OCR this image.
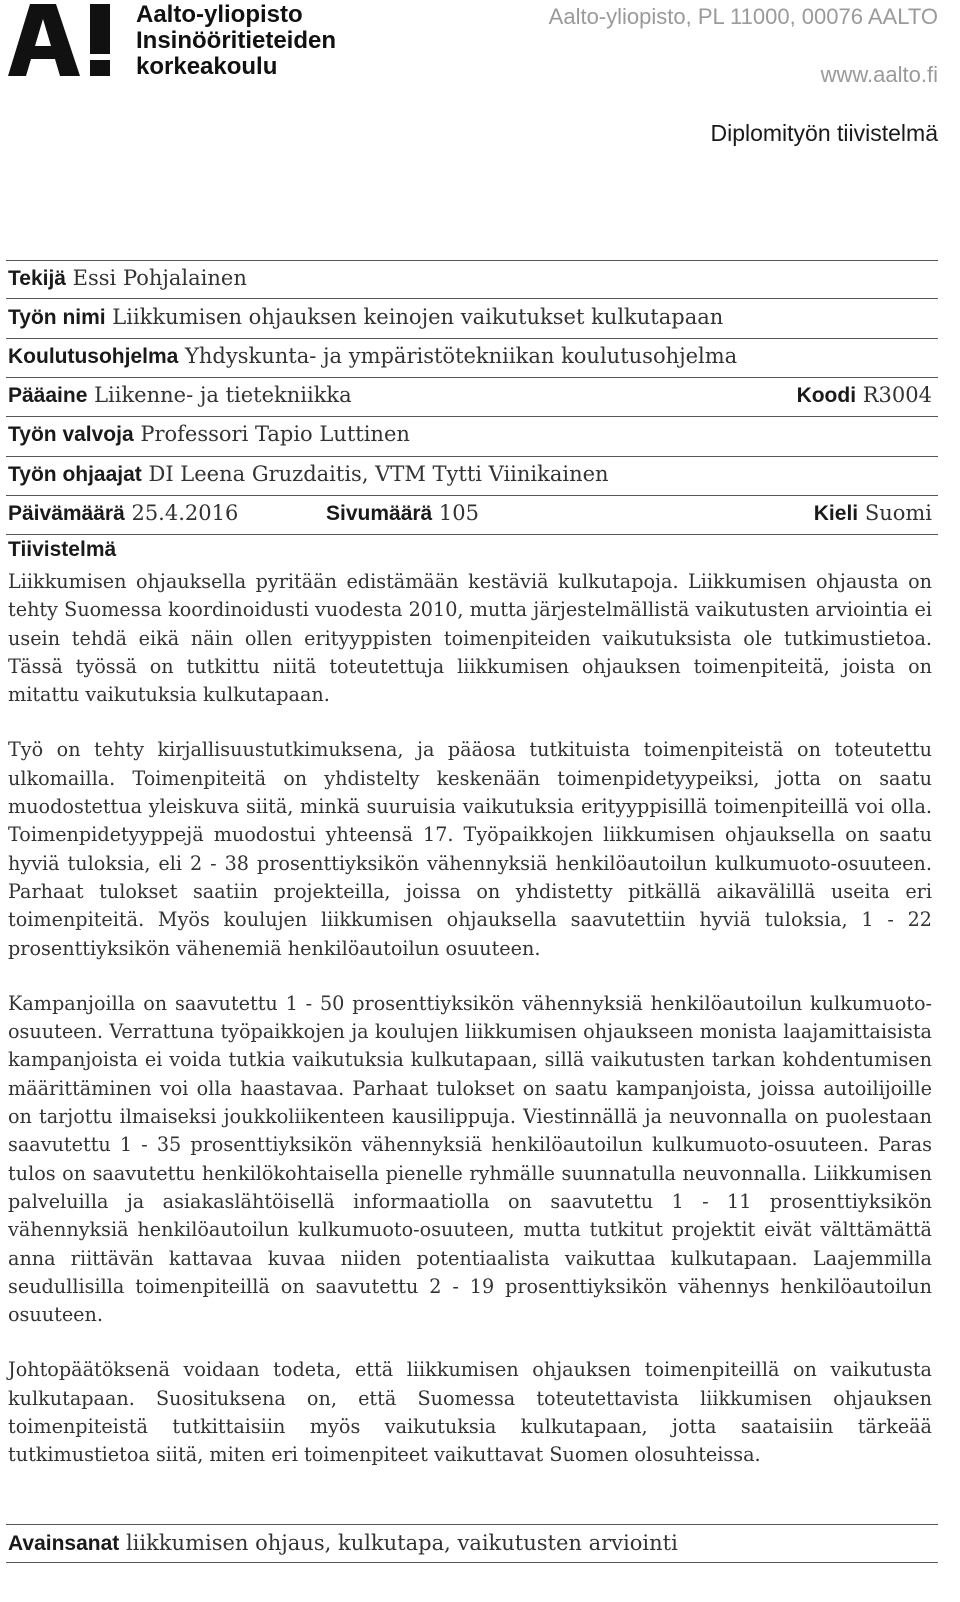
Aalto-yliopisto
Insinööritieteiden
korkeakoulu
Aalto-yliopisto, PL 11000, 00076 AALTO
www.aalto.fi
Diplomityön tiivistelmä
Tekijä Essi Pohjalainen
Työn nimi Liikkumisen ohjauksen keinojen vaikutukset kulkutapaan
Koulutusohjelma Yhdyskunta- ja ympäristötekniikan koulutusohjelma
Pääaine Liikenne- ja tietekniikka	Koodi R3004
Työn valvoja Professori Tapio Luttinen
Työn ohjaajat DI Leena Gruzdaitis, VTM Tytti Viinikainen
Päivämäärä 25.4.2016	Sivumäärä 105	Kieli Suomi
Tiivistelmä

Liikkumisen ohjauksella pyritään edistämään kestäviä kulkutapoja. Liikkumisen ohjausta on tehty Suomessa koordinoidusti vuodesta 2010, mutta järjestelmällistä vaikutusten arviointia ei usein tehdä eikä näin ollen erityyppisten toimenpiteiden vaikutuksista ole tutkimustietoa. Tässä työssä on tutkittu niitä toteutettuja liikkumisen ohjauksen toimenpiteitä, joista on mitattu vaikutuksia kulkutapaan.

Työ on tehty kirjallisuustutkimuksena, ja pääosa tutkituista toimenpiteistä on toteutettu ulkomailla. Toimenpiteitä on yhdistelty keskenään toimenpidetyypeiksi, jotta on saatu muodostettua yleiskuva siitä, minkä suuruisia vaikutuksia erityyppisillä toimenpiteillä voi olla. Toimenpidetyyppejä muodostui yhteensä 17. Työpaikkojen liikkumisen ohjauksella on saatu hyviä tuloksia, eli 2 - 38 prosenttiyksikön vähennyksiä henkilöautoilun kulkumuoto-osuuteen. Parhaat tulokset saatiin projekteilla, joissa on yhdistetty pitkällä aikavälillä useita eri toimenpiteitä. Myös koulujen liikkumisen ohjauksella saavutettiin hyviä tuloksia, 1 - 22 prosenttiyksikön vähenemiä henkilöautoilun osuuteen.

Kampanjoilla on saavutettu 1 - 50 prosenttiyksikön vähennyksiä henkilöautoilun kulkumuoto-osuuteen. Verrattuna työpaikkojen ja koulujen liikkumisen ohjaukseen monista laajamittaisista kampanjoista ei voida tutkia vaikutuksia kulkutapaan, sillä vaikutusten tarkan kohdentumisen määrittäminen voi olla haastavaa. Parhaat tulokset on saatu kampanjoista, joissa autoilijoille on tarjottu ilmaiseksi joukkoliikenteen kausilippuja. Viestinnällä ja neuvonnalla on puolestaan saavutettu 1 - 35 prosenttiyksikön vähennyksiä henkilöautoilun kulkumuoto-osuuteen. Paras tulos on saavutettu henkilökohtaisella pienelle ryhmälle suunnatulla neuvonnalla. Liikkumisen palveluilla ja asiakaslähtöisellä informaatiolla on saavutettu 1 - 11 prosenttiyksikön vähennyksiä henkilöautoilun kulkumuoto-osuuteen, mutta tutkitut projektit eivät välttämättä anna riittävän kattavaa kuvaa niiden potentiaalista vaikuttaa kulkutapaan. Laajemmilla seudullisilla toimenpiteillä on saavutettu 2 - 19 prosenttiyksikön vähennys henkilöautoilun osuuteen.

Johtopäätöksenä voidaan todeta, että liikkumisen ohjauksen toimenpiteillä on vaikutusta kulkutapaan. Suosituksena on, että Suomessa toteutettavista liikkumisen ohjauksen toimenpiteistä tutkittaisiin myös vaikutuksia kulkutapaan, jotta saataisiin tärkeää tutkimustietoa siitä, miten eri toimenpiteet vaikuttavat Suomen olosuhteissa.

Avainsanat liikkumisen ohjaus, kulkutapa, vaikutusten arviointi
